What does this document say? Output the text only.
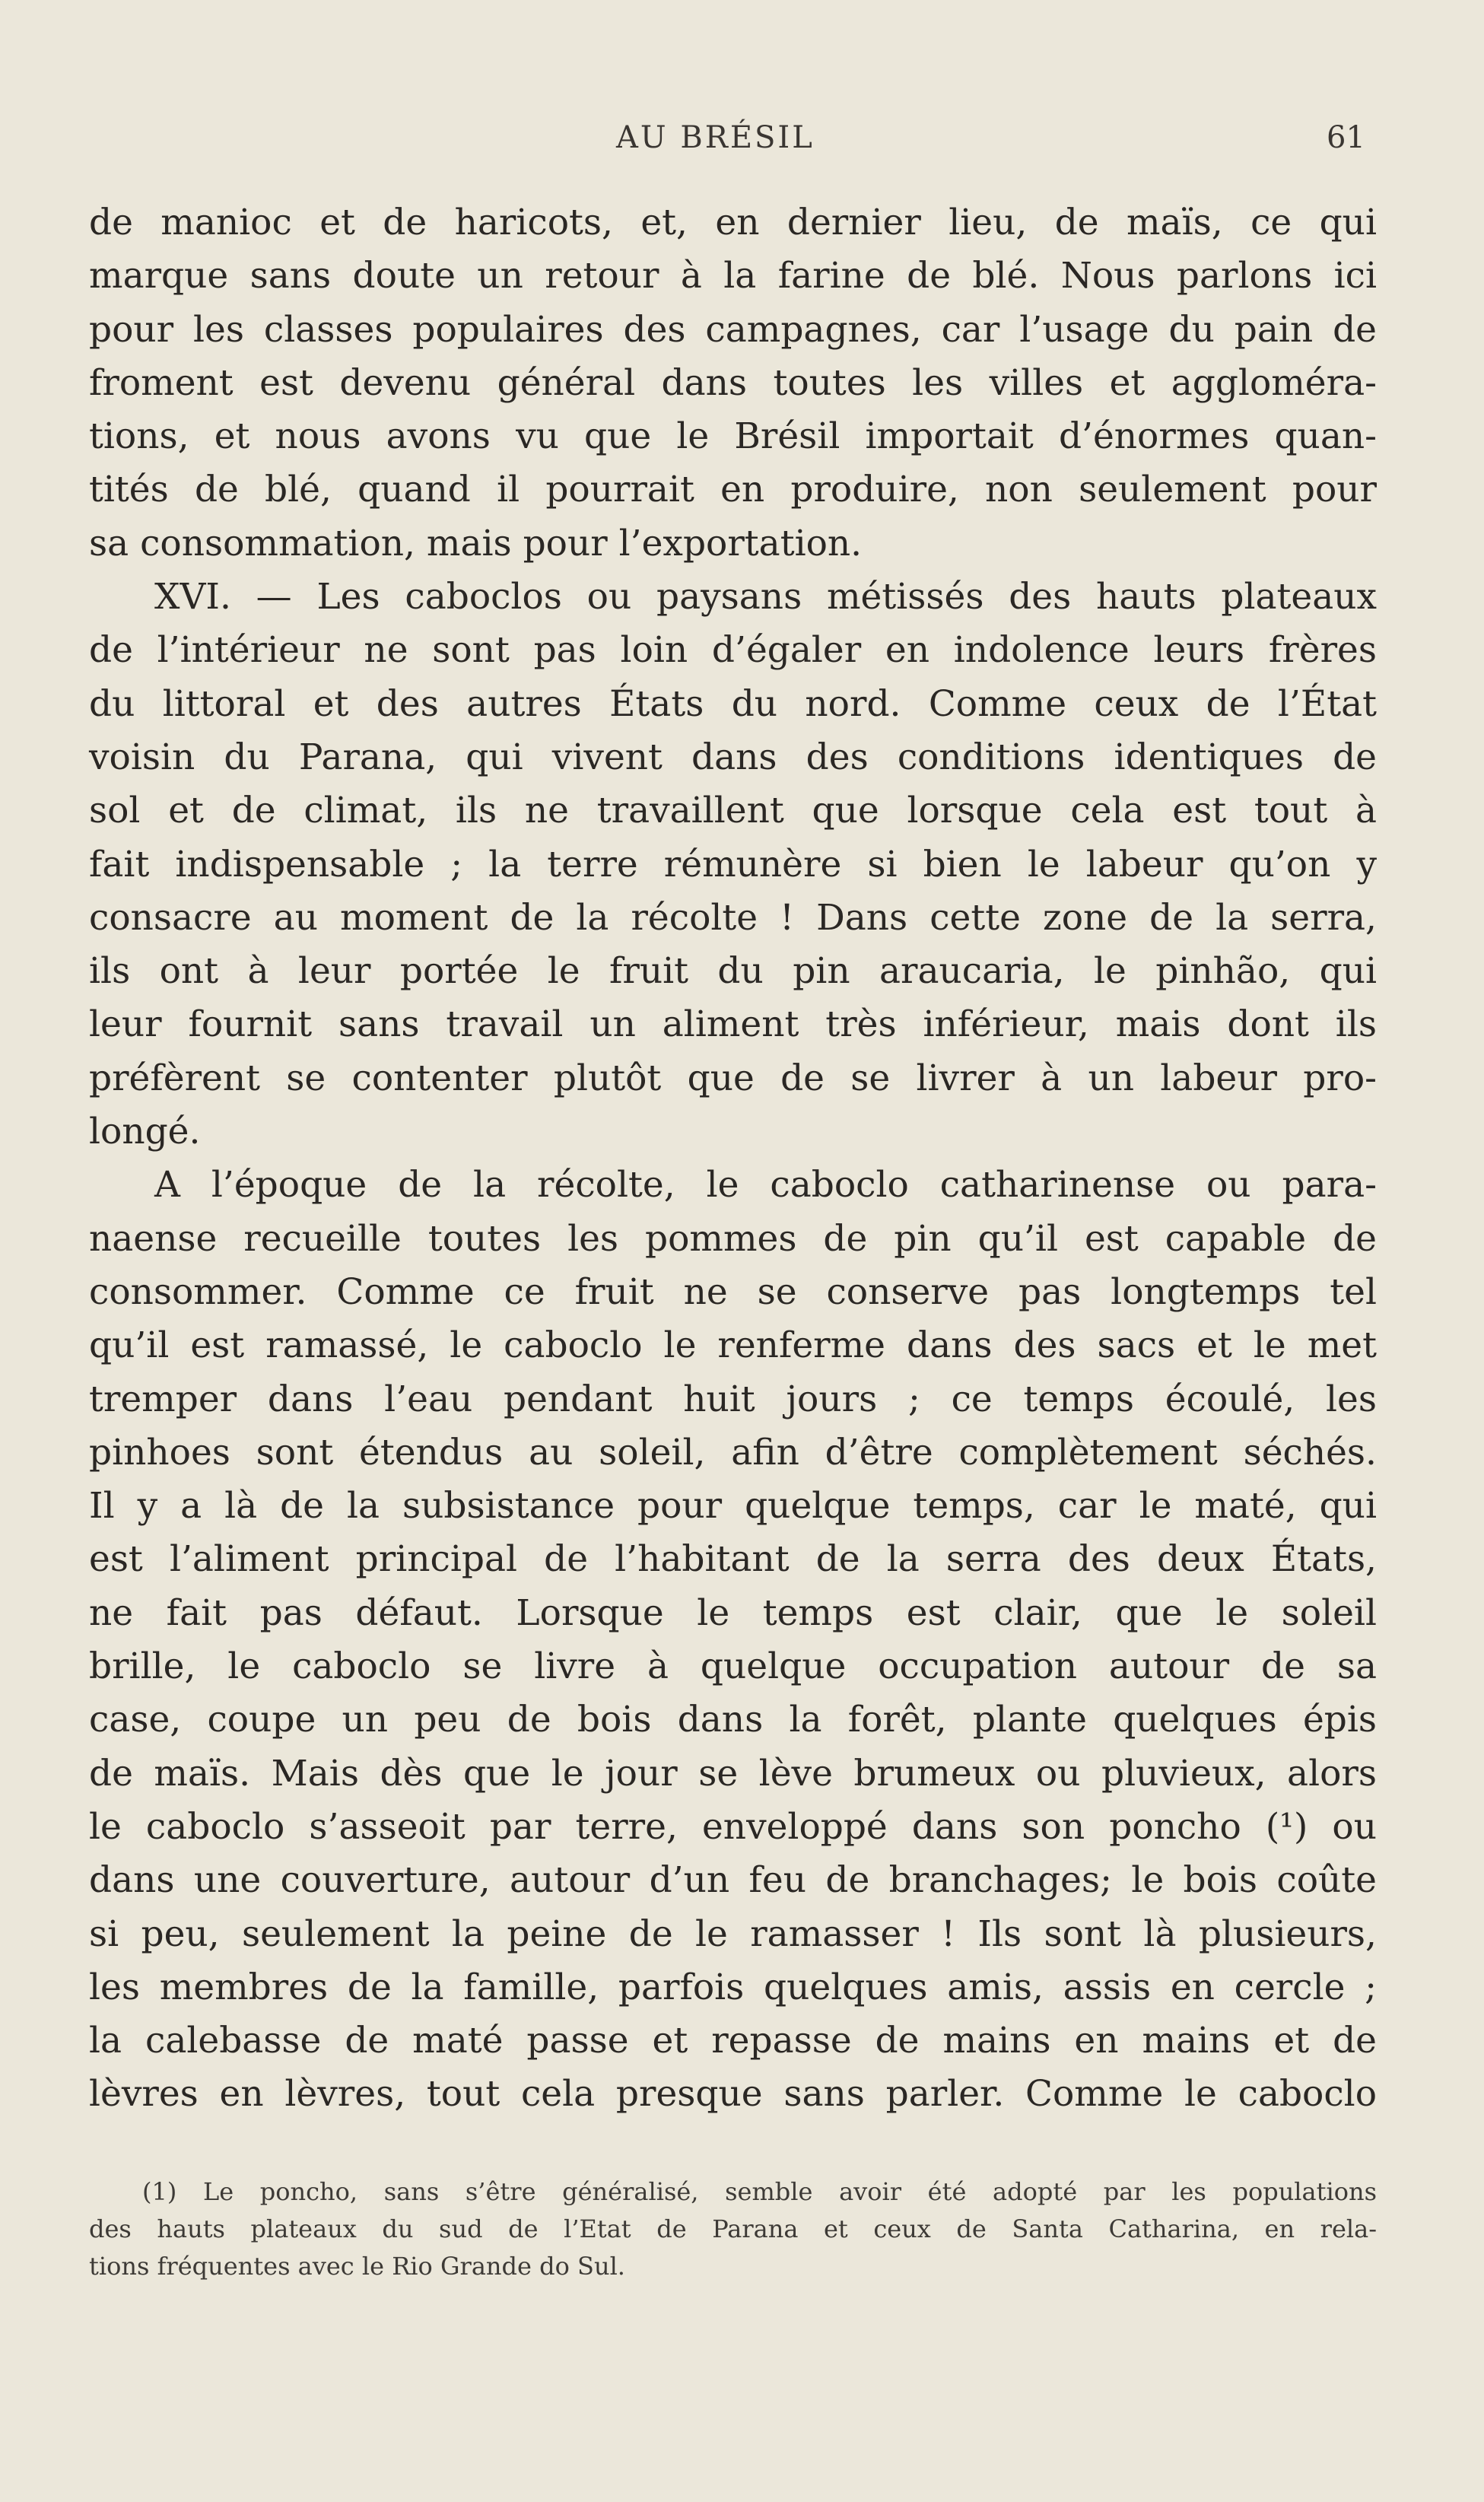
AU BRÉSIL	61
de manioc et de haricots, et, en dernier lieu, de maïs, ce qui
marque sans doute un retour à la farine de blé. Nous parlons ici
pour les classes populaires des campagnes, car l’usage du pain de
froment est devenu général dans toutes les villes et aggloméra-
tions, et nous avons vu que le Brésil importait d’énormes quan-
tités de blé, quand il pourrait en produire, non seulement pour
sa consommation, mais pour l’exportation.
XVI. — Les caboclos ou paysans métissés des hauts plateaux
de l’intérieur ne sont pas loin d’égaler en indolence leurs frères
du littoral et des autres États du nord. Comme ceux de l’État
voisin du Parana, qui vivent dans des conditions identiques de
sol et de climat, ils ne travaillent que lorsque cela est tout à
fait indispensable ; la terre rémunère si bien le labeur qu’on y
consacre au moment de la récolte ! Dans cette zone de la serra,
ils ont à leur portée le fruit du pin araucaria, le pinhão, qui
leur fournit sans travail un aliment très inférieur, mais dont ils
préfèrent se contenter plutôt que de se livrer à un labeur pro-
longé.
A l’époque de la récolte, le caboclo catharinense ou para-
naense recueille toutes les pommes de pin qu’il est capable de
consommer. Comme ce fruit ne se conserve pas longtemps tel
qu’il est ramassé, le caboclo le renferme dans des sacs et le met
tremper dans l’eau pendant huit jours ; ce temps écoulé, les
pinhoes sont étendus au soleil, afin d’être complètement séchés.
Il y a là de la subsistance pour quelque temps, car le maté, qui
est l’aliment principal de l’habitant de la serra des deux États,
ne fait pas défaut. Lorsque le temps est clair, que le soleil
brille, le caboclo se livre à quelque occupation autour de sa
case, coupe un peu de bois dans la forêt, plante quelques épis
de maïs. Mais dès que le jour se lève brumeux ou pluvieux, alors
le caboclo s’asseoit par terre, enveloppé dans son poncho (¹) ou
dans une couverture, autour d’un feu de branchages; le bois coûte
si peu, seulement la peine de le ramasser ! Ils sont là plusieurs,
les membres de la famille, parfois quelques amis, assis en cercle ;
la calebasse de maté passe et repasse de mains en mains et de
lèvres en lèvres, tout cela presque sans parler. Comme le caboclo
(1) Le poncho, sans s’être généralisé, semble avoir été adopté par les populations
des hauts plateaux du sud de l’Etat de Parana et ceux de Santa Catharina, en rela-
tions fréquentes avec le Rio Grande do Sul.
